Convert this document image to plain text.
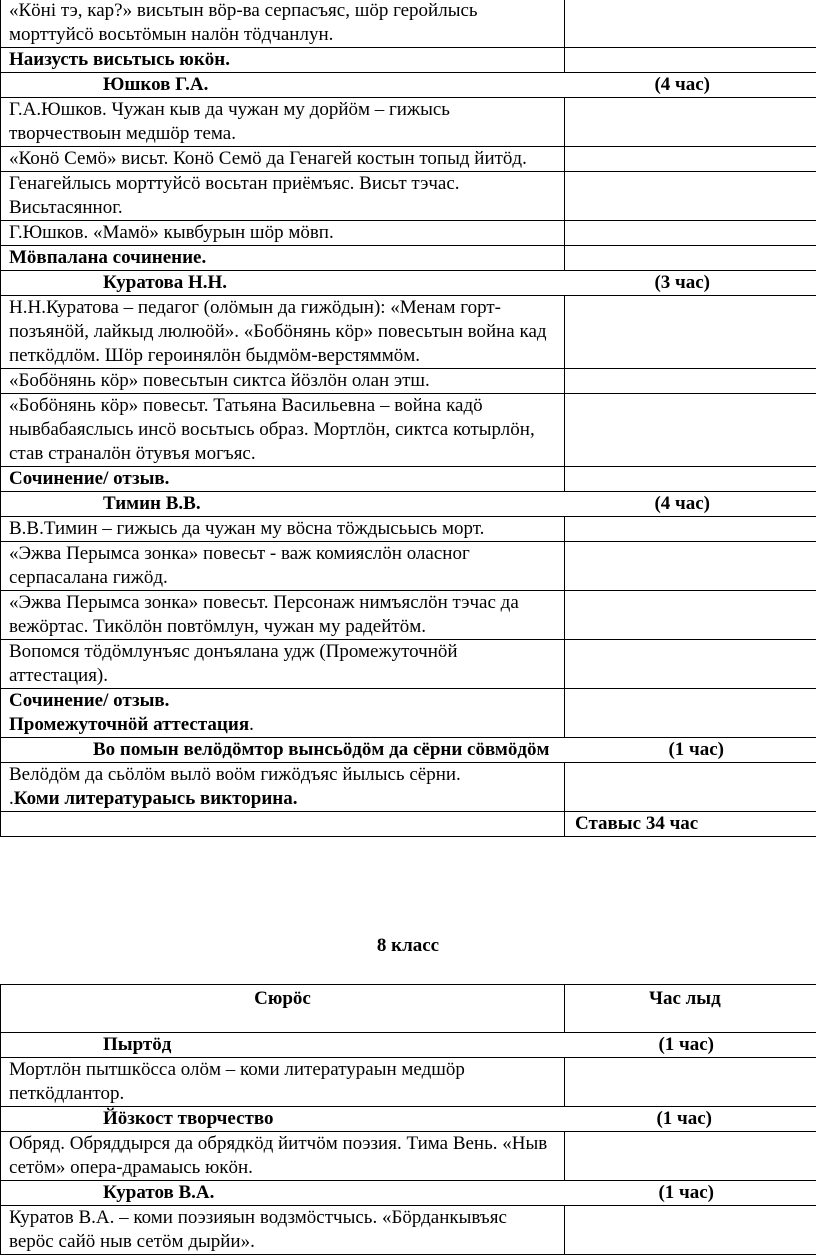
«Кöні тэ, кар?» висьтын вöр-ва серпасъяс, шöр геройлысь морттуйсö восьтöмын налöн тöдчанлун.	
Наизусть висьтысь юкöн.	

Юшков Г.А. (4 час)	

Г.А.Юшков. Чужан кыв да чужан му дорйöм – гижысь творчествоын медшöр тема.	
«Конö Семö» висьт. Конö Семö да Генагей костын топыд йитöд.	
Генагейлысь морттуйсö восьтан приёмъяс. Висьт тэчас. Висьтасянног.	
Г.Юшков. «Мамö» кывбурын шöр мöвп.	
Мöвпалана сочинение.	

Куратова Н.Н. (3 час)	

Н.Н.Куратова – педагог (олöмын да гижöдын): «Менам горт-позъянöй, лайкыд люлюöй». «Бобöнянь кöр» повесьтын война кад петкöдлöм. Шöр героинялöн быдмöм-верстяммöм.	
«Бобöнянь кöр» повесьтын сиктса йöзлöн олан этш.	
«Бобöнянь кöр» повесьт. Татьяна Васильевна – война кадö нывбабаяслысь инсö восьтысь образ. Мортлöн, сиктса котырлöн, став страналöн öтувъя могъяс.	
Сочинение/ отзыв.	

Тимин В.В. (4 час)	

В.В.Тимин – гижысь да чужан му вöсна тöждысьысь морт.	
«Эжва Перымса зонка» повесьт - важ комияслöн оласног серпасалана гижöд.	
«Эжва Перымса зонка» повесьт. Персонаж нимъяслöн тэчас да вежöртас. Тикöлöн повтöмлун, чужан му радейтöм.	
Вопомся тöдöмлунъяс донъялана удж (Промежуточнöй аттестация).	

Сочинение/ отзыв.
Промежуточнöй аттестация.	

Во помын велöдöмтор вынсьöдöм да сёрни сöвмöдöм (1 час)	

Велöдöм да сьöлöм вылö воöм гижöдъяс йылысь сёрни.
.Коми литератураысь викторина.	

	Ставыс 34 час
8 класс
Сюрöс	Час лыд

Пыртöд (1 час)	

Мортлöн пытшкöсса олöм – коми литератураын медшöр петкöдлантор.	

Йöзкост творчество (1 час)	

Обряд. Обряддырся да обрядкöд йитчöм поэзия. Тима Вень. «Ныв сетöм» опера-драмаысь юкöн.	

Куратов В.А. (1 час)	

Куратов В.А. – коми поэзияын водзмöстчысь. «Бöрданкывъяс верöс сайö ныв сетöм дырйи».	
